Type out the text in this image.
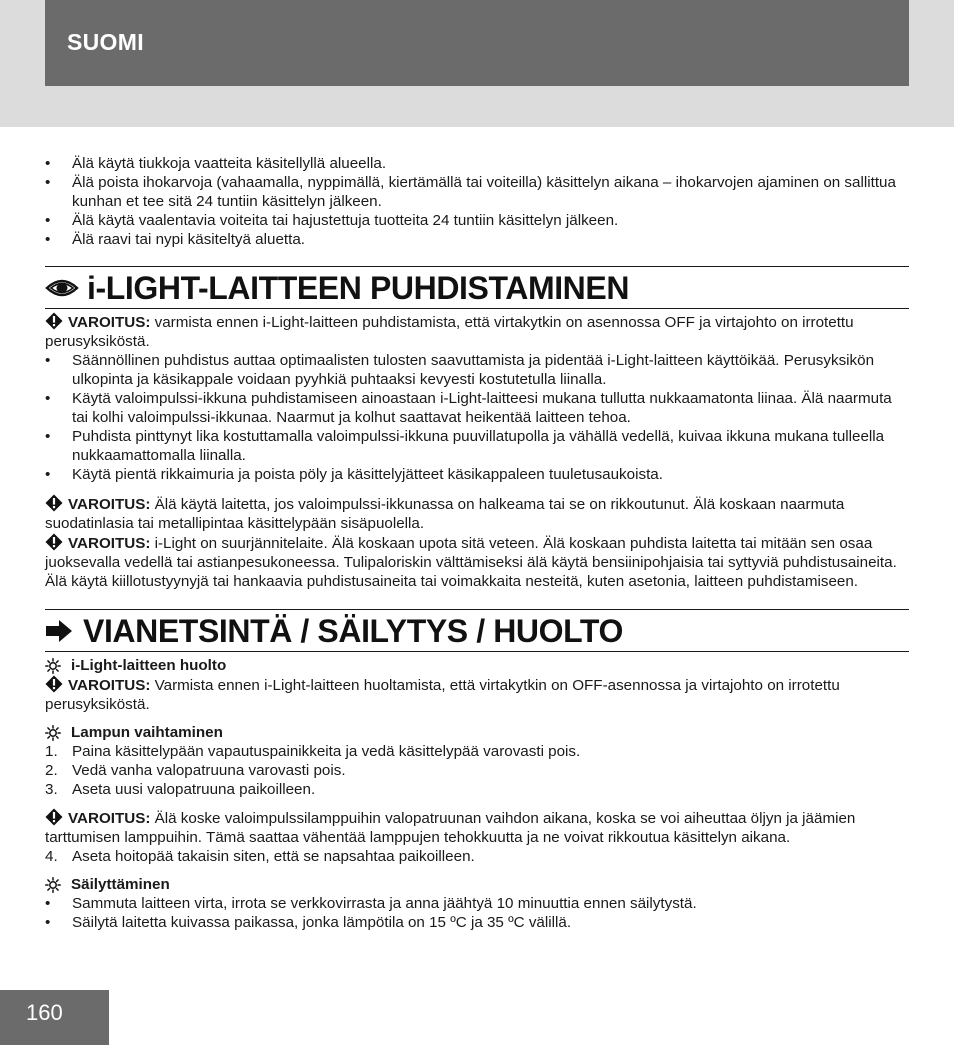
SUOMI
• Älä käytä tiukkoja vaatteita käsitellyllä alueella.
• Älä poista ihokarvoja (vahaamalla, nyppimällä, kiertämällä tai voiteilla) käsittelyn aikana – ihokarvojen ajaminen on sallittua kunhan et tee sitä 24 tuntiin käsittelyn jälkeen.
• Älä käytä vaalentavia voiteita tai hajustettuja tuotteita 24 tuntiin käsittelyn jälkeen.
• Älä raavi tai nypi käsiteltyä aluetta.
i-LIGHT-LAITTEEN PUHDISTAMINEN
VAROITUS: varmista ennen i-Light-laitteen puhdistamista, että virtakytkin on asennossa OFF ja virtajohto on irrotettu perusyksiköstä.
• Säännöllinen puhdistus auttaa optimaalisten tulosten saavuttamista ja pidentää i-Light-laitteen käyttöikää. Perusyksikön ulkopinta ja käsikappale voidaan pyyhkiä puhtaaksi kevyesti kostutetulla liinalla.
• Käytä valoimpulssi-ikkuna puhdistamiseen ainoastaan i-Light-laitteesi mukana tullutta nukkaamatonta liinaa. Älä naarmuta tai kolhi valoimpulssi-ikkunaa. Naarmut ja kolhut saattavat heikentää laitteen tehoa.
• Puhdista pinttynyt lika kostuttamalla valoimpulssi-ikkuna puuvillatupolla ja vähällä vedellä, kuivaa ikkuna mukana tulleella nukkaamattomalla liinalla.
• Käytä pientä rikkaimuria ja poista pöly ja käsittelyjätteet käsikappaleen tuuletusaukoista.
VAROITUS: Älä käytä laitetta, jos valoimpulssi-ikkunassa on halkeama tai se on rikkoutunut. Älä koskaan naarmuta suodatinlasia tai metallipintaa käsittelypään sisäpuolella.
VAROITUS: i-Light on suurjännitelaite. Älä koskaan upota sitä veteen. Älä koskaan puhdista laitetta tai mitään sen osaa juoksevalla vedellä tai astianpesukoneessa. Tulipaloriskin välttämiseksi älä käytä bensiinipohjaisia tai syttyviä puhdistusaineita. Älä käytä kiillotustyynyjä tai hankaavia puhdistusaineita tai voimakkaita nesteitä, kuten asetonia, laitteen puhdistamiseen.
VIANETSINTÄ / SÄILYTYS / HUOLTO
i-Light-laitteen huolto
VAROITUS: Varmista ennen i-Light-laitteen huoltamista, että virtakytkin on OFF-asennossa ja virtajohto on irrotettu perusyksiköstä.
Lampun vaihtaminen
1. Paina käsittelypään vapautuspainikkeita ja vedä käsittelypää varovasti pois.
2. Vedä vanha valopatruuna varovasti pois.
3. Aseta uusi valopatruuna paikoilleen.
VAROITUS: Älä koske valoimpulssilamppuihin valopatruunan vaihdon aikana, koska se voi aiheuttaa öljyn ja jäämien tarttumisen lamppuihin. Tämä saattaa vähentää lamppujen tehokkuutta ja ne voivat rikkoutua käsittelyn aikana.
4. Aseta hoitopää takaisin siten, että se napsahtaa paikoilleen.
Säilyttäminen
• Sammuta laitteen virta, irrota se verkkovirrasta ja anna jäähtyä 10 minuuttia ennen säilytystä.
• Säilytä laitetta kuivassa paikassa, jonka lämpötila on 15 ºC ja 35 ºC välillä.
160
